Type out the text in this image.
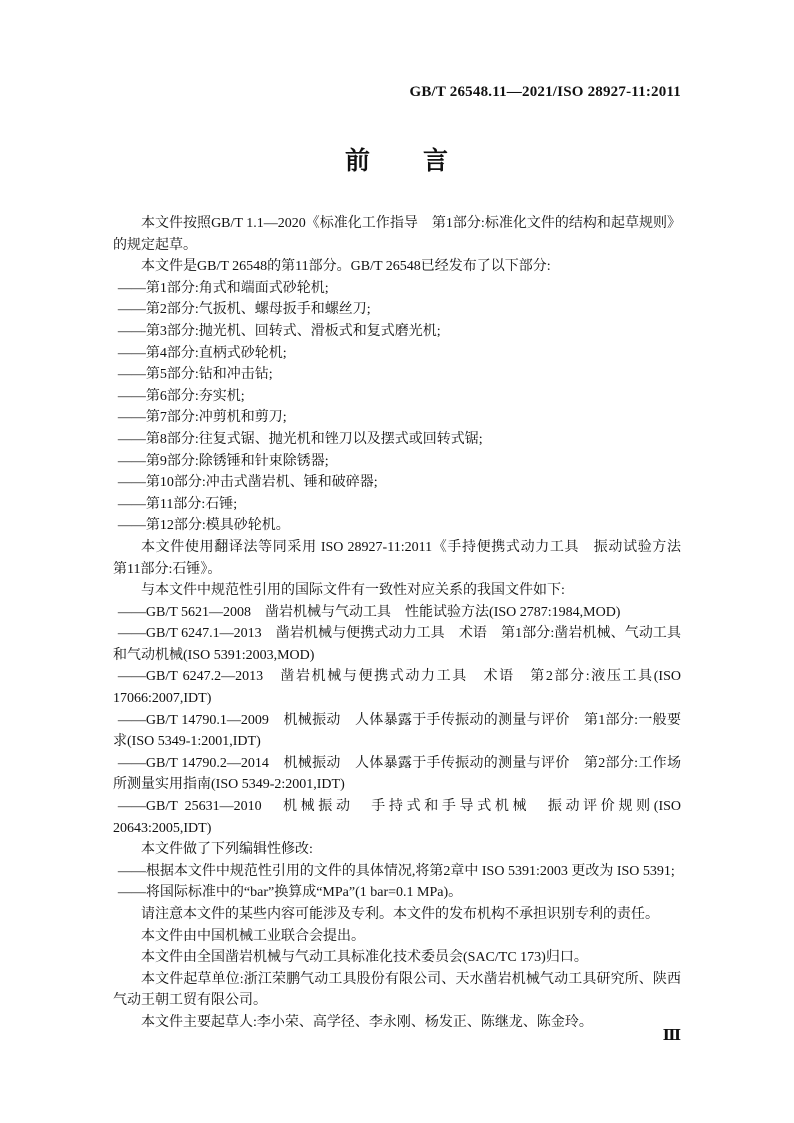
GB/T 26548.11—2021/ISO 28927-11:2011
前　　言

本文件按照GB/T 1.1—2020《标准化工作指导　第1部分:标准化文件的结构和起草规则》的规定起草。

本文件是GB/T 26548的第11部分。GB/T 26548已经发布了以下部分:

——第1部分:角式和端面式砂轮机;

——第2部分:气扳机、螺母扳手和螺丝刀;

——第3部分:抛光机、回转式、滑板式和复式磨光机;

——第4部分:直柄式砂轮机;

——第5部分:钻和冲击钻;

——第6部分:夯实机;

——第7部分:冲剪机和剪刀;

——第8部分:往复式锯、抛光机和锉刀以及摆式或回转式锯;

——第9部分:除锈锤和针束除锈器;

——第10部分:冲击式凿岩机、锤和破碎器;

——第11部分:石锤;

——第12部分:模具砂轮机。

本文件使用翻译法等同采用 ISO 28927-11:2011《手持便携式动力工具　振动试验方法　第11部分:石锤》。

与本文件中规范性引用的国际文件有一致性对应关系的我国文件如下:

——GB/T 5621—2008　凿岩机械与气动工具　性能试验方法(ISO 2787:1984,MOD)

——GB/T 6247.1—2013　凿岩机械与便携式动力工具　术语　第1部分:凿岩机械、气动工具和气动机械(ISO 5391:2003,MOD)

——GB/T 6247.2—2013　凿岩机械与便携式动力工具　术语　第2部分:液压工具(ISO 17066:2007,IDT)

——GB/T 14790.1—2009　机械振动　人体暴露于手传振动的测量与评价　第1部分:一般要求(ISO 5349-1:2001,IDT)

——GB/T 14790.2—2014　机械振动　人体暴露于手传振动的测量与评价　第2部分:工作场所测量实用指南(ISO 5349-2:2001,IDT)

——GB/T 25631—2010　机械振动　手持式和手导式机械　振动评价规则(ISO 20643:2005,IDT)

本文件做了下列编辑性修改:

——根据本文件中规范性引用的文件的具体情况,将第2章中 ISO 5391:2003 更改为 ISO 5391;

——将国际标准中的“bar”换算成“MPa”(1 bar=0.1 MPa)。

请注意本文件的某些内容可能涉及专利。本文件的发布机构不承担识别专利的责任。

本文件由中国机械工业联合会提出。

本文件由全国凿岩机械与气动工具标准化技术委员会(SAC/TC 173)归口。

本文件起草单位:浙江荣鹏气动工具股份有限公司、天水凿岩机械气动工具研究所、陕西气动王朝工贸有限公司。

本文件主要起草人:李小荣、高学径、李永刚、杨发正、陈继龙、陈金玲。

Ⅲ
